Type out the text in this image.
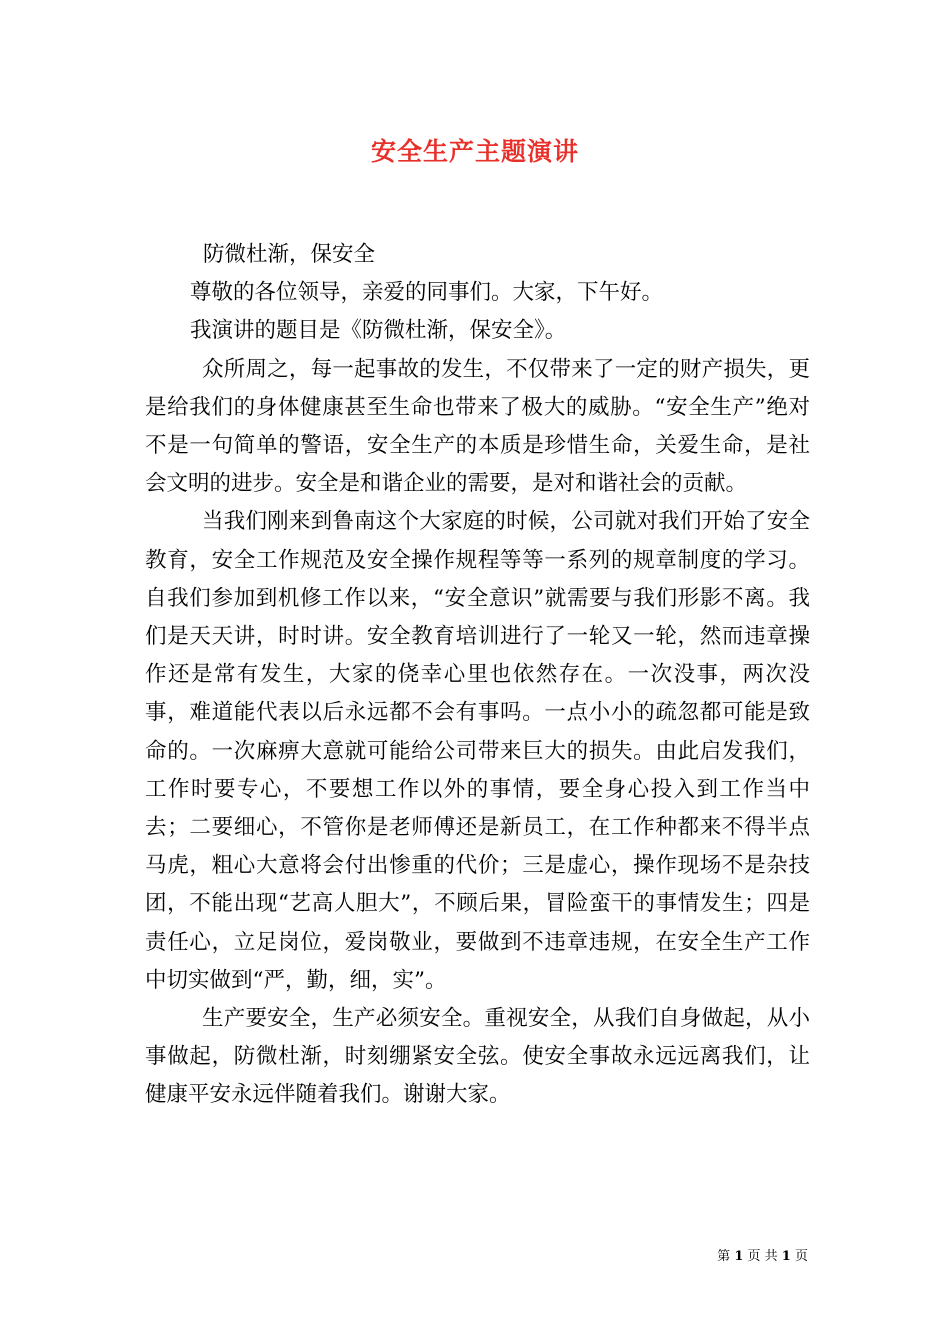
安全生产主题演讲

防微杜渐，保安全

尊敬的各位领导，亲爱的同事们。大家，下午好。

我演讲的题目是《防微杜渐，保安全》。

众所周之，每一起事故的发生，不仅带来了一定的财产损失，更是给我们的身体健康甚至生命也带来了极大的威胁。“安全生产”绝对不是一句简单的警语，安全生产的本质是珍惜生命，关爱生命，是社会文明的进步。安全是和谐企业的需要，是对和谐社会的贡献。

当我们刚来到鲁南这个大家庭的时候，公司就对我们开始了安全教育，安全工作规范及安全操作规程等等一系列的规章制度的学习。自我们参加到机修工作以来，“安全意识”就需要与我们形影不离。我们是天天讲，时时讲。安全教育培训进行了一轮又一轮，然而违章操作还是常有发生，大家的侥幸心里也依然存在。一次没事，两次没事，难道能代表以后永远都不会有事吗。一点小小的疏忽都可能是致命的。一次麻痹大意就可能给公司带来巨大的损失。由此启发我们，工作时要专心，不要想工作以外的事情，要全身心投入到工作当中去；二要细心，不管你是老师傅还是新员工，在工作种都来不得半点马虎，粗心大意将会付出惨重的代价；三是虚心，操作现场不是杂技团，不能出现“艺高人胆大”，不顾后果，冒险蛮干的事情发生；四是责任心，立足岗位，爱岗敬业，要做到不违章违规，在安全生产工作中切实做到“严，勤，细，实”。

生产要安全，生产必须安全。重视安全，从我们自身做起，从小事做起，防微杜渐，时刻绷紧安全弦。使安全事故永远远离我们，让健康平安永远伴随着我们。谢谢大家。

第 1 页 共 1 页
